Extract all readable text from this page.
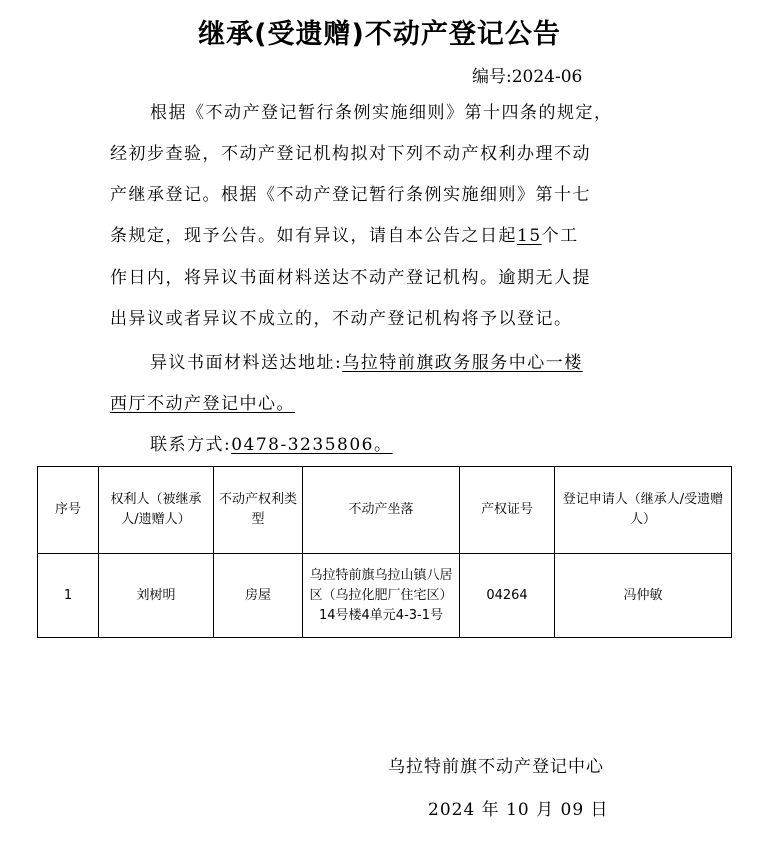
继承(受遗赠)不动产登记公告
编号:2024-06
根据《不动产登记暂行条例实施细则》第十四条的规定，
经初步查验，不动产登记机构拟对下列不动产权利办理不动
产继承登记。根据《不动产登记暂行条例实施细则》第十七
条规定，现予公告。如有异议，请自本公告之日起15个工
作日内，将异议书面材料送达不动产登记机构。逾期无人提
出异议或者异议不成立的，不动产登记机构将予以登记。
异议书面材料送达地址:乌拉特前旗政务服务中心一楼
西厅不动产登记中心。
联系方式:0478-3235806。
序号	权利人（被继承人/遗赠人）	不动产权利类型	不动产坐落	产权证号	登记申请人（继承人/受遗赠人）
1	刘树明	房屋	乌拉特前旗乌拉山镇八居区（乌拉化肥厂住宅区）14号楼4单元4-3-1号	04264	冯仲敏
乌拉特前旗不动产登记中心
2024 年 10 月 09 日
